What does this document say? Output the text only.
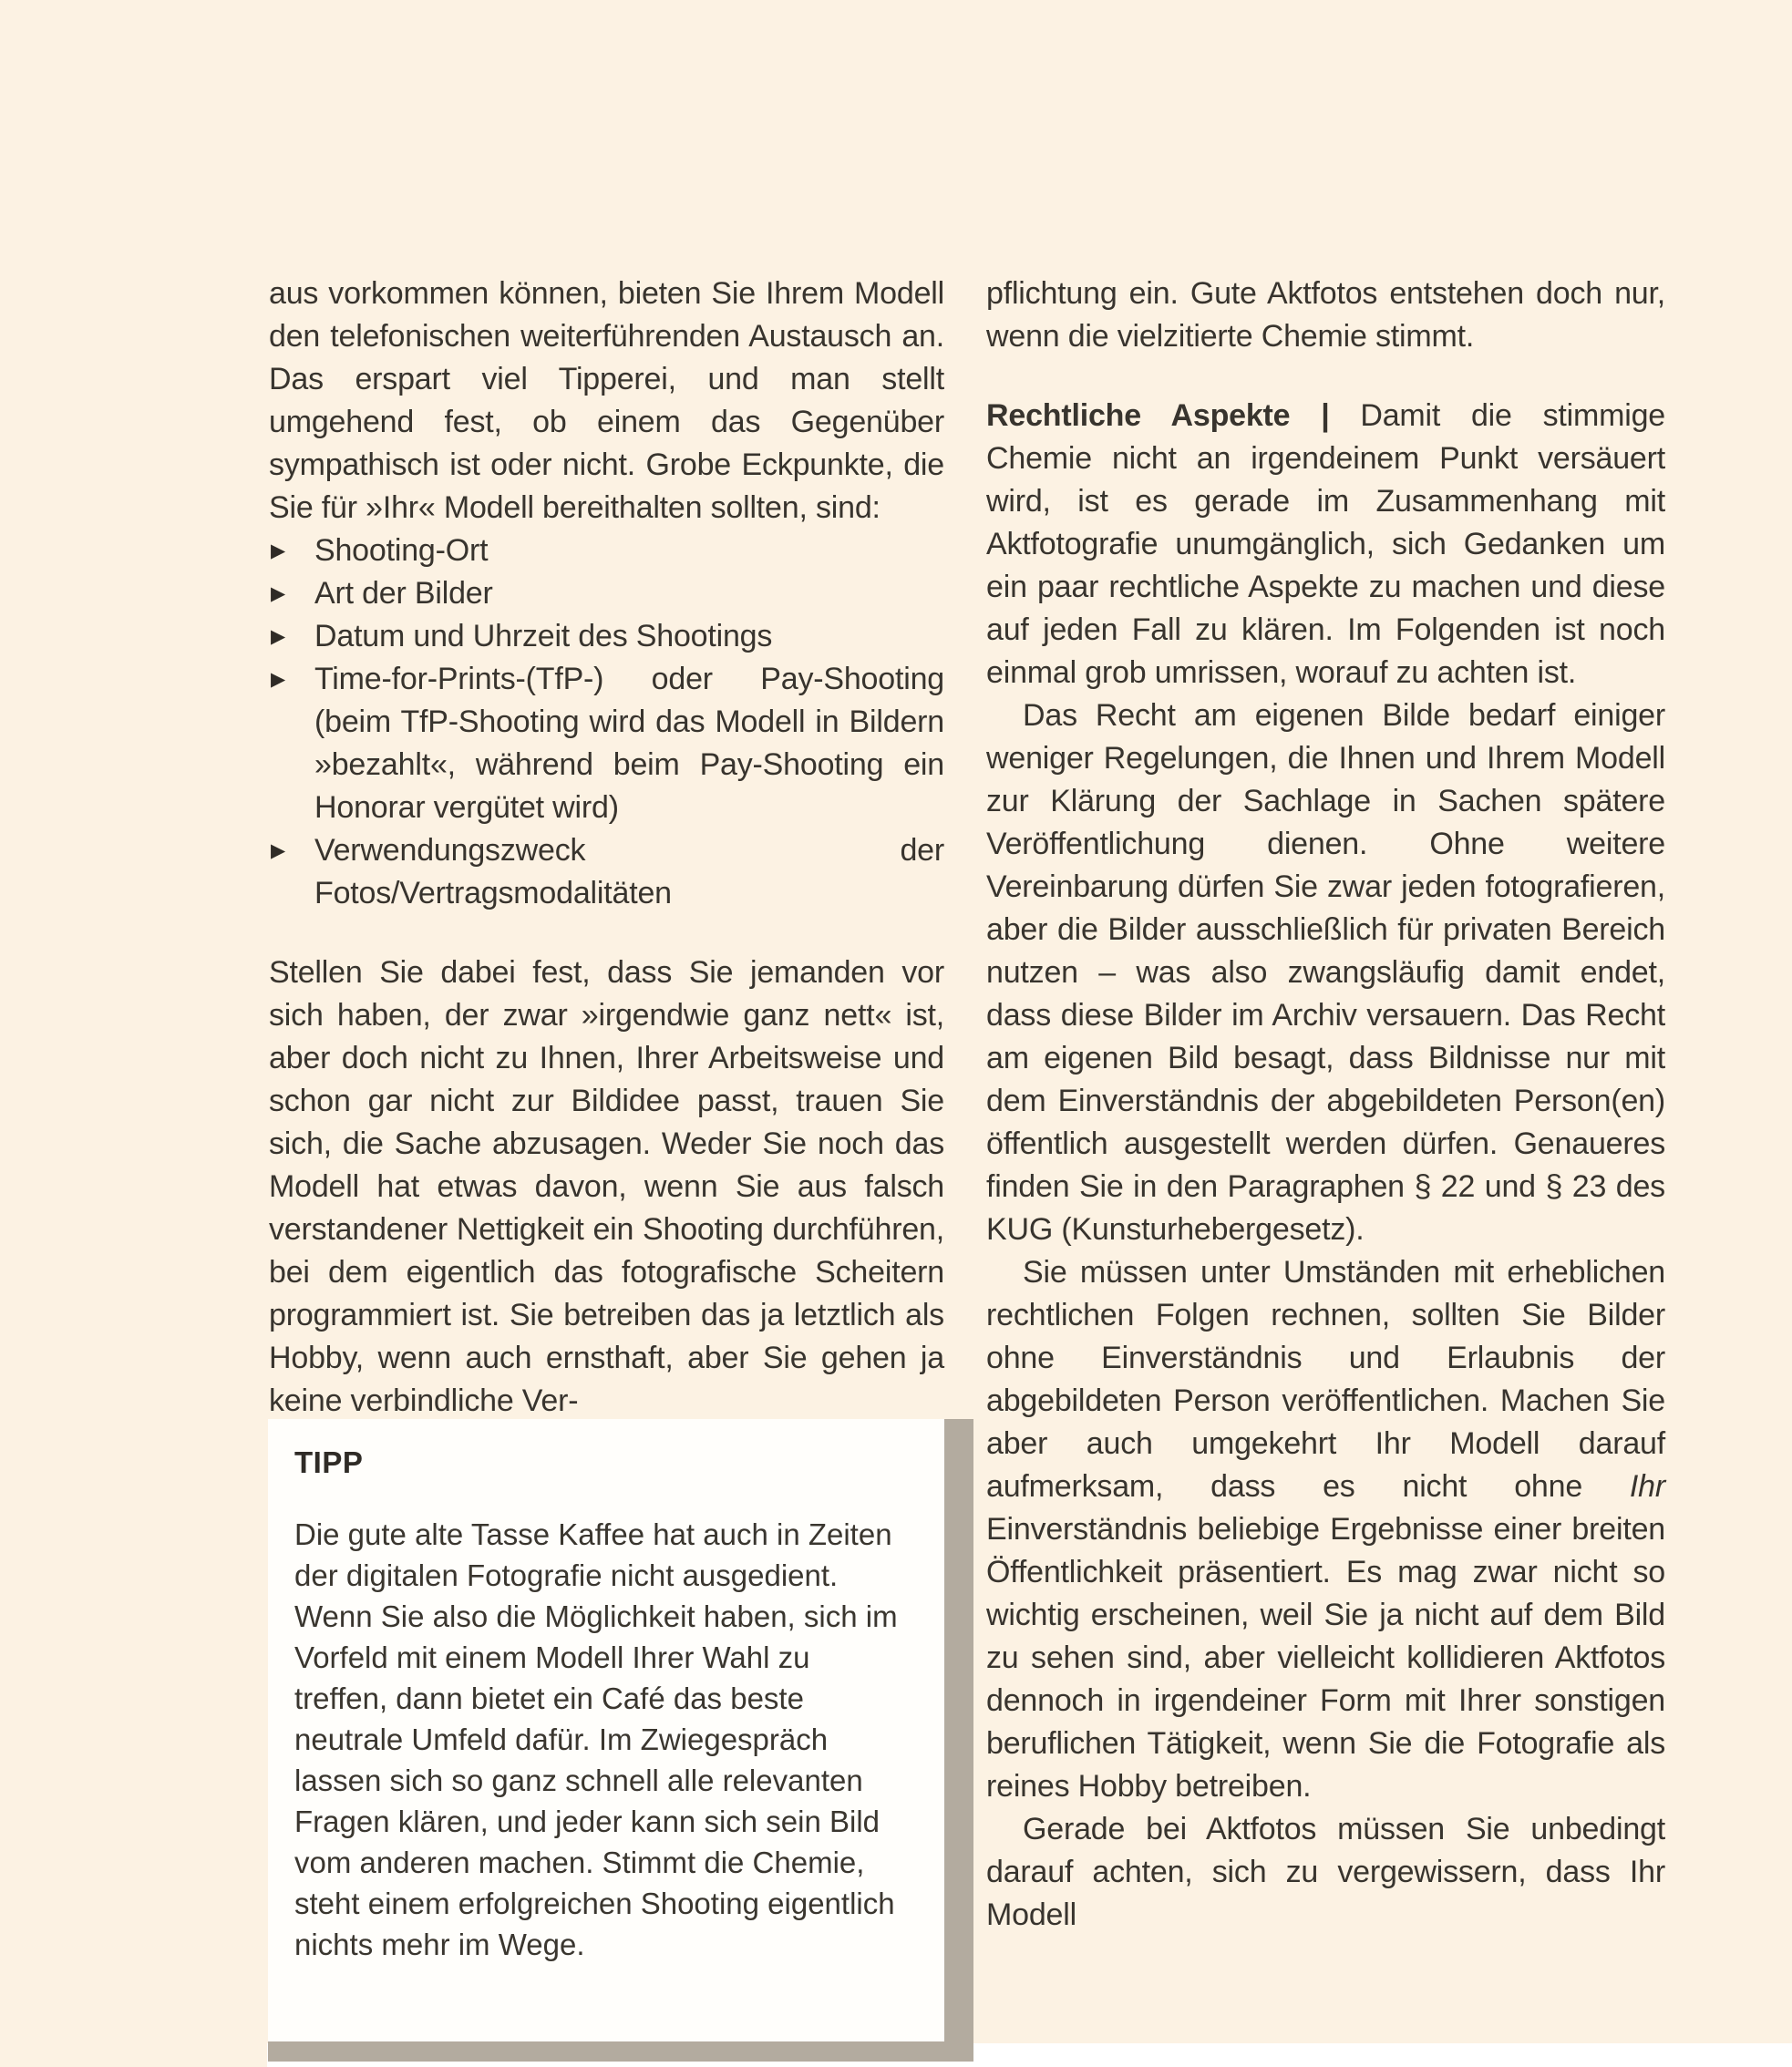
aus vorkommen können, bieten Sie Ihrem Modell den telefonischen weiterführenden Austausch an. Das erspart viel Tipperei, und man stellt umgehend fest, ob einem das Gegenüber sympathisch ist oder nicht. Grobe Eckpunkte, die Sie für »Ihr« Modell bereithalten sollten, sind:

▶ Shooting-Ort
▶ Art der Bilder
▶ Datum und Uhrzeit des Shootings
▶ Time-for-Prints-(TfP-) oder Pay-Shooting (beim TfP-Shooting wird das Modell in Bildern »bezahlt«, während beim Pay-Shooting ein Honorar vergütet wird)
▶ Verwendungszweck der Fotos/Vertragsmodalitäten

Stellen Sie dabei fest, dass Sie jemanden vor sich haben, der zwar »irgendwie ganz nett« ist, aber doch nicht zu Ihnen, Ihrer Arbeitsweise und schon gar nicht zur Bildidee passt, trauen Sie sich, die Sache abzusagen. Weder Sie noch das Modell hat etwas davon, wenn Sie aus falsch verstandener Nettigkeit ein Shooting durchführen, bei dem eigentlich das fotografische Scheitern programmiert ist. Sie betreiben das ja letztlich als Hobby, wenn auch ernsthaft, aber Sie gehen ja keine verbindliche Ver-

pflichtung ein. Gute Aktfotos entstehen doch nur, wenn die vielzitierte Chemie stimmt.

Rechtliche Aspekte | Damit die stimmige Chemie nicht an irgendeinem Punkt versäuert wird, ist es gerade im Zusammenhang mit Aktfotografie unumgänglich, sich Gedanken um ein paar rechtliche Aspekte zu machen und diese auf jeden Fall zu klären. Im Folgenden ist noch einmal grob umrissen, worauf zu achten ist.

Das Recht am eigenen Bilde bedarf einiger weniger Regelungen, die Ihnen und Ihrem Modell zur Klärung der Sachlage in Sachen spätere Veröffentlichung dienen. Ohne weitere Vereinbarung dürfen Sie zwar jeden fotografieren, aber die Bilder ausschließlich für privaten Bereich nutzen – was also zwangsläufig damit endet, dass diese Bilder im Archiv versauern. Das Recht am eigenen Bild besagt, dass Bildnisse nur mit dem Einverständnis der abgebildeten Person(en) öffentlich ausgestellt werden dürfen. Genaueres finden Sie in den Paragraphen § 22 und § 23 des KUG (Kunsturhebergesetz).

Sie müssen unter Umständen mit erheblichen rechtlichen Folgen rechnen, sollten Sie Bilder ohne Einverständnis und Erlaubnis der abgebildeten Person veröffentlichen. Machen Sie aber auch umgekehrt Ihr Modell darauf aufmerksam, dass es nicht ohne Ihr Einverständnis beliebige Ergebnisse einer breiten Öffentlichkeit präsentiert. Es mag zwar nicht so wichtig erscheinen, weil Sie ja nicht auf dem Bild zu sehen sind, aber vielleicht kollidieren Aktfotos dennoch in irgendeiner Form mit Ihrer sonstigen beruflichen Tätigkeit, wenn Sie die Fotografie als reines Hobby betreiben.

Gerade bei Aktfotos müssen Sie unbedingt darauf achten, sich zu vergewissern, dass Ihr Modell

TIPP
Die gute alte Tasse Kaffee hat auch in Zeiten der digitalen Fotografie nicht ausgedient. Wenn Sie also die Möglichkeit haben, sich im Vorfeld mit einem Modell Ihrer Wahl zu treffen, dann bietet ein Café das beste neutrale Umfeld dafür. Im Zwiegespräch lassen sich so ganz schnell alle relevanten Fragen klären, und jeder kann sich sein Bild vom anderen machen. Stimmt die Chemie, steht einem erfolgreichen Shooting eigentlich nichts mehr im Wege.
